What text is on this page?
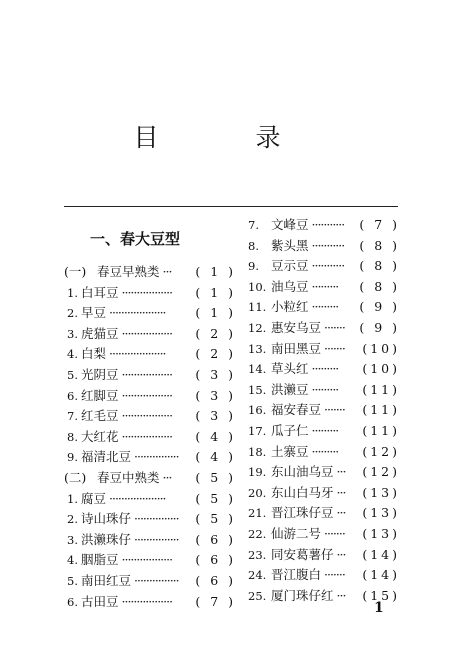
目　录
一、春大豆型
(一) 春豆早熟类 ···	( 1 )
1. 白耳豆 ·················	( 1 )
2. 早豆 ···················	( 1 )
3. 虎猫豆 ·················	( 2 )
4. 白梨 ···················	( 2 )
5. 光阴豆 ·················	( 3 )
6. 红脚豆 ·················	( 3 )
7. 红毛豆 ·················	( 3 )
8. 大红花 ·················	( 4 )
9. 福清北豆 ···············	( 4 )
(二) 春豆中熟类 ···	( 5 )
1. 腐豆 ···················	( 5 )
2. 诗山珠仔 ···············	( 5 )
3. 洪濑珠仔 ···············	( 6 )
4. 胭脂豆 ·················	( 6 )
5. 南田红豆 ···············	( 6 )
6. 古田豆 ·················	( 7 )
7. 文峰豆 ···········	( 7 )
8. 紫头黑 ···········	( 8 )
9. 豆示豆 ···········	( 8 )
10. 油乌豆 ·········	( 8 )
11. 小粒红 ·········	( 9 )
12. 惠安乌豆 ·······	( 9 )
13. 南田黑豆 ·······	(10)
14. 草头红 ·········	(10)
15. 洪濑豆 ·········	(11)
16. 福安春豆 ·······	(11)
17. 瓜子仁 ·········	(11)
18. 土寨豆 ·········	(12)
19. 东山油乌豆 ···	(12)
20. 东山白马牙 ···	(13)
21. 晋江珠仔豆 ···	(13)
22. 仙游二号 ·······	(13)
23. 同安葛薯仔 ···	(14)
24. 晋江腹白 ·······	(14)
25. 厦门珠仔红 ···	(15)
1
